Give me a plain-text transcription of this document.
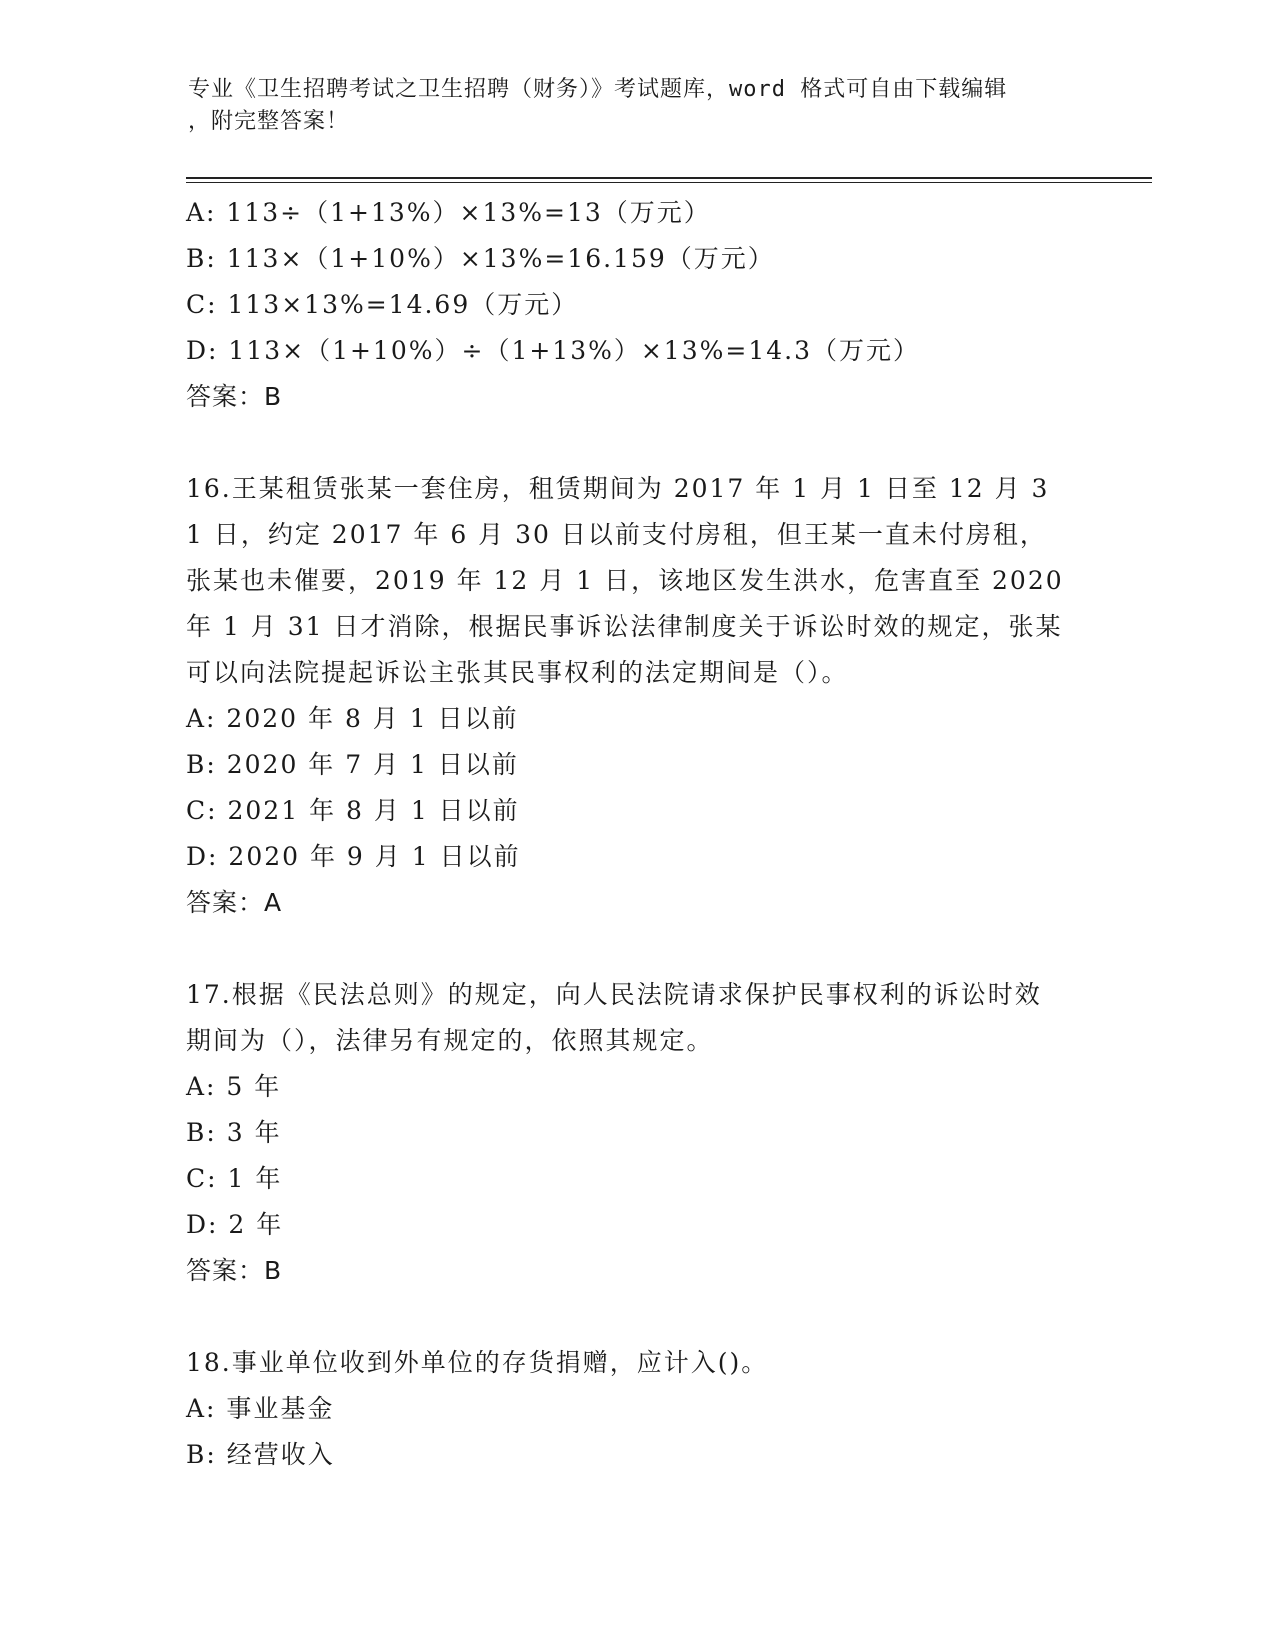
专业《卫生招聘考试之卫生招聘（财务）》考试题库，word 格式可自由下载编辑
，附完整答案！
A: 113÷（1+13%）×13%=13（万元）
B: 113×（1+10%）×13%=16.159（万元）
C: 113×13%=14.69（万元）
D: 113×（1+10%）÷（1+13%）×13%=14.3（万元）
答案：B
16.王某租赁张某一套住房，租赁期间为 2017 年 1 月 1 日至 12 月 31 日，约定 2017 年 6 月 30 日以前支付房租，但王某一直未付房租，张某也未催要，2019 年 12 月 1 日，该地区发生洪水，危害直至 2020 年 1 月 31 日才消除，根据民事诉讼法律制度关于诉讼时效的规定，张某可以向法院提起诉讼主张其民事权利的法定期间是（）。
A: 2020 年 8 月 1 日以前
B: 2020 年 7 月 1 日以前
C: 2021 年 8 月 1 日以前
D: 2020 年 9 月 1 日以前
答案：A
17.根据《民法总则》的规定，向人民法院请求保护民事权利的诉讼时效期间为（），法律另有规定的，依照其规定。
A: 5 年
B: 3 年
C: 1 年
D: 2 年
答案：B
18.事业单位收到外单位的存货捐赠，应计入()。
A: 事业基金
B: 经营收入
